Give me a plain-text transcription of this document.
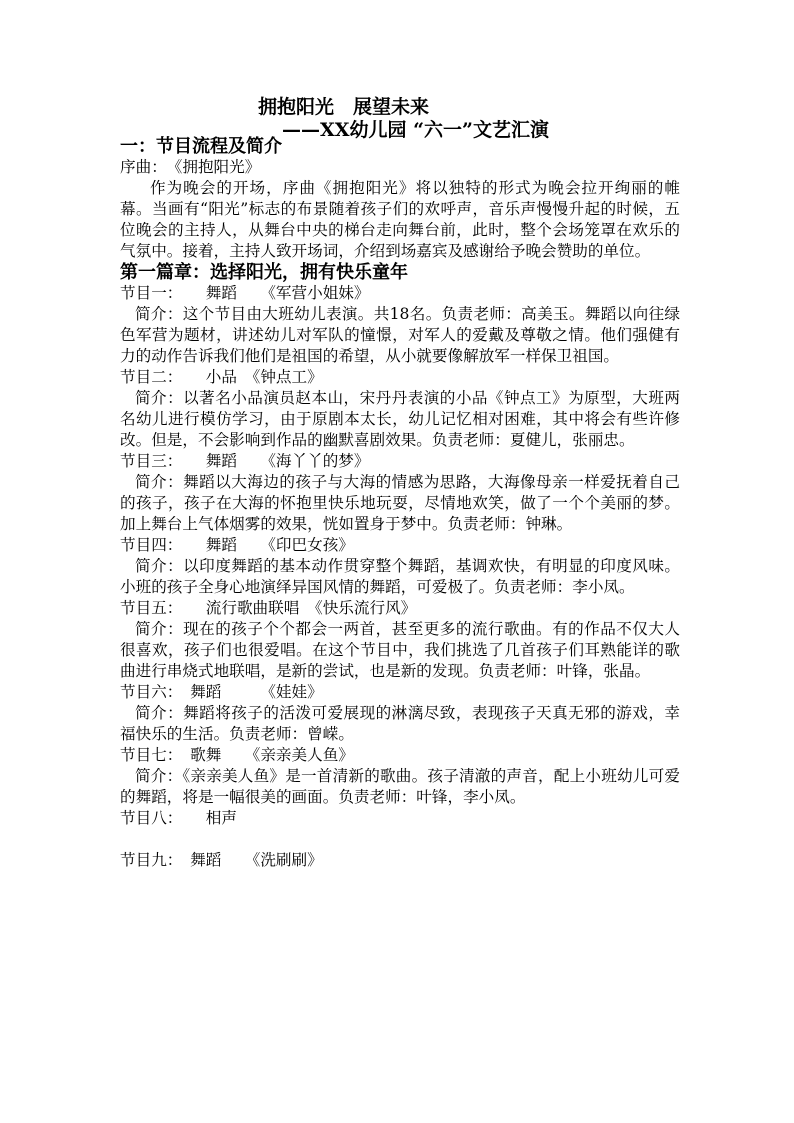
拥抱阳光　展望未来
——XX幼儿园 “六一”文艺汇演
一：节目流程及简介
序曲：　《拥抱阳光》
作为晚会的开场，序曲《拥抱阳光》将以独特的形式为晚会拉开绚丽的帷幕。当画有“阳光”标志的布景随着孩子们的欢呼声，音乐声慢慢升起的时候，五位晚会的主持人，从舞台中央的梯台走向舞台前，此时，整个会场笼罩在欢乐的气氛中。接着，主持人致开场词，介绍到场嘉宾及感谢给予晚会赞助的单位。
第一篇章：选择阳光，拥有快乐童年
节目一：　　舞蹈　　《军营小姐妹》
简介：这个节目由大班幼儿表演。共18名。负责老师：高美玉。舞蹈以向往绿色军营为题材，讲述幼儿对军队的憧憬，对军人的爱戴及尊敬之情。他们强健有力的动作告诉我们他们是祖国的希望，从小就要像解放军一样保卫祖国。
节目二：　　小品　《钟点工》
简介：以著名小品演员赵本山，宋丹丹表演的小品《钟点工》为原型，大班两名幼儿进行模仿学习，由于原剧本太长，幼儿记忆相对困难，其中将会有些许修改。但是，不会影响到作品的幽默喜剧效果。负责老师：夏健儿，张丽忠。
节目三：　　舞蹈　　《海丫丫的梦》
简介：舞蹈以大海边的孩子与大海的情感为思路，大海像母亲一样爱抚着自己的孩子，孩子在大海的怀抱里快乐地玩耍，尽情地欢笑，做了一个个美丽的梦。加上舞台上气体烟雾的效果，恍如置身于梦中。负责老师：钟琳。
节目四：　　舞蹈　　《印巴女孩》
简介：以印度舞蹈的基本动作贯穿整个舞蹈，基调欢快，有明显的印度风味。小班的孩子全身心地演绎异国风情的舞蹈，可爱极了。负责老师：李小凤。
节目五：　　流行歌曲联唱　《快乐流行风》
简介：现在的孩子个个都会一两首，甚至更多的流行歌曲。有的作品不仅大人很喜欢，孩子们也很爱唱。在这个节目中，我们挑选了几首孩子们耳熟能详的歌曲进行串烧式地联唱，是新的尝试，也是新的发现。负责老师：叶锋，张晶。
节目六：　舞蹈　　　《娃娃》
简介：舞蹈将孩子的活泼可爱展现的淋漓尽致，表现孩子天真无邪的游戏，幸福快乐的生活。负责老师：曾嵘。
节目七：　歌舞　　《亲亲美人鱼》
简介：《亲亲美人鱼》是一首清新的歌曲。孩子清澈的声音，配上小班幼儿可爱的舞蹈，将是一幅很美的画面。负责老师：叶锋，李小凤。
节目八：　　相声
节目九：　舞蹈　　《洗刷刷》
